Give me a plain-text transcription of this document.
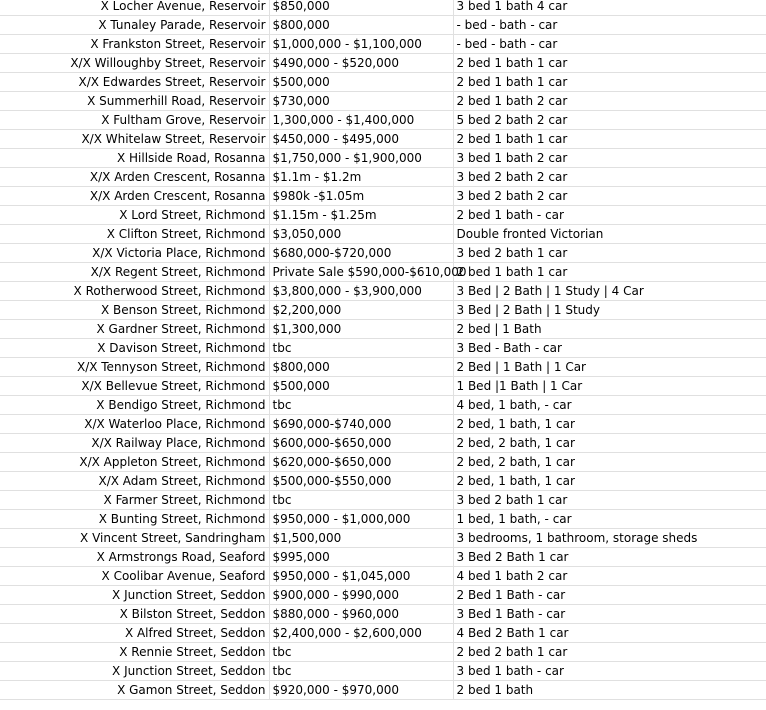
X Locher Avenue, Reservoir	$850,000	3 bed 1 bath 4 car
X Tunaley Parade, Reservoir	$800,000	- bed - bath - car
X Frankston Street, Reservoir	$1,000,000 - $1,100,000	- bed - bath - car
X/X Willoughby Street, Reservoir	$490,000 - $520,000	2 bed 1 bath 1 car
X/X Edwardes Street, Reservoir	$500,000	2 bed 1 bath 1 car
X Summerhill Road, Reservoir	$730,000	2 bed 1 bath 2 car
X Fultham Grove, Reservoir	1,300,000 - $1,400,000	5 bed 2 bath 2 car
X/X Whitelaw Street, Reservoir	$450,000 - $495,000	2 bed 1 bath 1 car
X Hillside Road, Rosanna	$1,750,000 - $1,900,000	3 bed 1 bath 2 car
X/X Arden Crescent, Rosanna	$1.1m - $1.2m	3 bed 2 bath 2 car
X/X Arden Crescent, Rosanna	$980k -$1.05m	3 bed 2 bath 2 car
X Lord Street, Richmond	$1.15m - $1.25m	2 bed 1 bath - car
X Clifton Street, Richmond	$3,050,000	Double fronted Victorian
X/X Victoria Place, Richmond	$680,000-$720,000	3 bed 2 bath 1 car
X/X Regent Street, Richmond	Private Sale $590,000-$610,000	2 bed 1 bath 1 car
X Rotherwood Street, Richmond	$3,800,000 - $3,900,000	3 Bed | 2 Bath | 1 Study | 4 Car
X Benson Street, Richmond	$2,200,000	3 Bed | 2 Bath | 1 Study
X Gardner Street, Richmond	$1,300,000	2 bed | 1 Bath
X Davison Street, Richmond	tbc	3 Bed - Bath - car
X/X Tennyson Street, Richmond	$800,000	2 Bed | 1 Bath | 1 Car
X/X Bellevue Street, Richmond	$500,000	1 Bed |1 Bath | 1 Car
X Bendigo Street, Richmond	tbc	4 bed, 1 bath, - car
X/X Waterloo Place, Richmond	$690,000-$740,000	2 bed, 1 bath, 1 car
X/X Railway Place, Richmond	$600,000-$650,000	2 bed, 2 bath, 1 car
X/X Appleton Street, Richmond	$620,000-$650,000	2 bed, 2 bath, 1 car
X/X Adam Street, Richmond	$500,000-$550,000	2 bed, 1 bath, 1 car
X Farmer Street, Richmond	tbc	3 bed 2 bath 1 car
X Bunting Street, Richmond	$950,000 - $1,000,000	1 bed, 1 bath, - car
X Vincent Street, Sandringham	$1,500,000	3 bedrooms, 1 bathroom, storage sheds
X Armstrongs Road, Seaford	$995,000	3 Bed 2 Bath 1 car
X Coolibar Avenue, Seaford	$950,000 - $1,045,000	4 bed 1 bath 2 car
X Junction Street, Seddon	$900,000 - $990,000	2 Bed 1 Bath - car
X Bilston Street, Seddon	$880,000 - $960,000	3 Bed 1 Bath - car
X Alfred Street, Seddon	$2,400,000 - $2,600,000	4 Bed 2 Bath 1 car
X Rennie Street, Seddon	tbc	2 bed 2 bath 1 car
X Junction Street, Seddon	tbc	3 bed 1 bath - car
X Gamon Street, Seddon	$920,000 - $970,000	2 bed 1 bath
